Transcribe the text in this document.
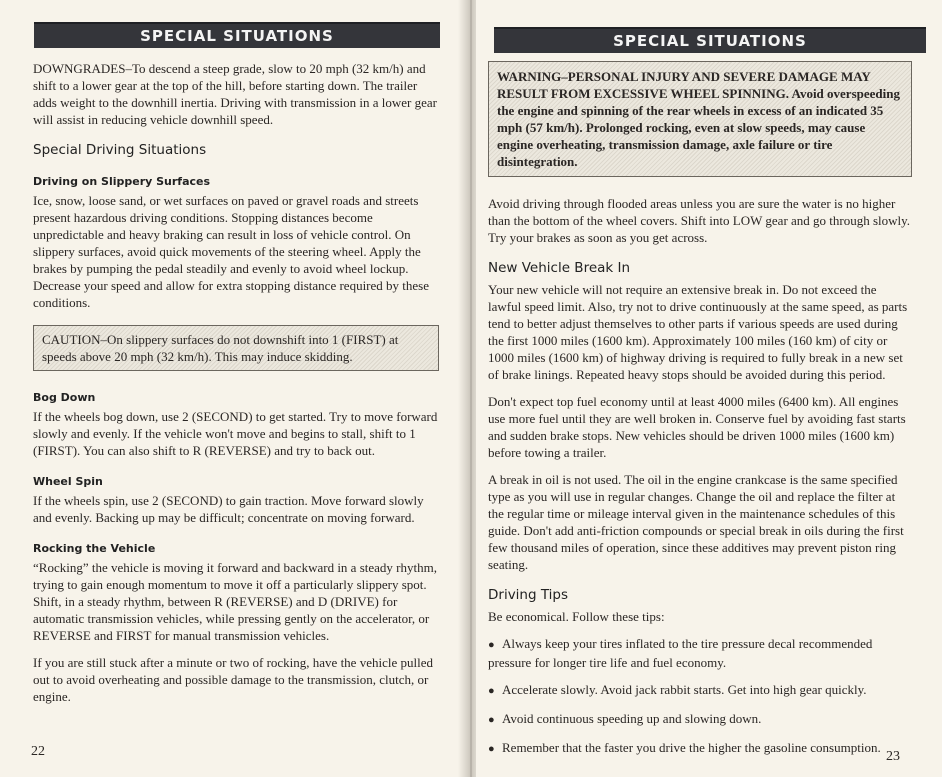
SPECIAL SITUATIONS

DOWNGRADES–To descend a steep grade, slow to 20 mph (32 km/h) and shift to a lower gear at the top of the hill, before starting down. The trailer adds weight to the downhill inertia. Driving with transmission in a lower gear will assist in reducing vehicle downhill speed.

Special Driving Situations
Driving on Slippery Surfaces

Ice, snow, loose sand, or wet surfaces on paved or gravel roads and streets present hazardous driving conditions. Stopping distances become unpredictable and heavy braking can result in loss of vehicle control. On slippery surfaces, avoid quick movements of the steering wheel. Apply the brakes by pumping the pedal steadily and evenly to avoid wheel lockup. Decrease your speed and allow for extra stopping distance required by these conditions.

CAUTION–On slippery surfaces do not downshift into 1 (FIRST) at speeds above 20 mph (32 km/h). This may induce skidding.
Bog Down

If the wheels bog down, use 2 (SECOND) to get started. Try to move forward slowly and evenly. If the vehicle won't move and begins to stall, shift to 1 (FIRST). You can also shift to R (REVERSE) and try to back out.

Wheel Spin

If the wheels spin, use 2 (SECOND) to gain traction. Move forward slowly and evenly. Backing up may be difficult; concentrate on moving forward.

Rocking the Vehicle

“Rocking” the vehicle is moving it forward and backward in a steady rhythm, trying to gain enough momentum to move it off a particularly slippery spot. Shift, in a steady rhythm, between R (REVERSE) and D (DRIVE) for automatic transmission vehicles, while pressing gently on the accelerator, or REVERSE and FIRST for manual transmission vehicles.

If you are still stuck after a minute or two of rocking, have the vehicle pulled out to avoid overheating and possible damage to the transmission, clutch, or engine.

22
SPECIAL SITUATIONS
WARNING–PERSONAL INJURY AND SEVERE DAMAGE MAY RESULT FROM EXCESSIVE WHEEL SPINNING. Avoid overspeeding the engine and spinning of the rear wheels in excess of an indicated 35 mph (57 km/h). Prolonged rocking, even at slow speeds, may cause engine overheating, transmission damage, axle failure or tire disintegration.

Avoid driving through flooded areas unless you are sure the water is no higher than the bottom of the wheel covers. Shift into LOW gear and go through slowly. Try your brakes as soon as you get across.

New Vehicle Break In

Your new vehicle will not require an extensive break in. Do not exceed the lawful speed limit. Also, try not to drive continuously at the same speed, as parts tend to better adjust themselves to other parts if various speeds are used during the first 1000 miles (1600 km). Approximately 100 miles (160 km) of city or 1000 miles (1600 km) of highway driving is required to fully break in a new set of brake linings. Repeated heavy stops should be avoided during this period.

Don't expect top fuel economy until at least 4000 miles (6400 km). All engines use more fuel until they are well broken in. Conserve fuel by avoiding fast starts and sudden brake stops. New vehicles should be driven 1000 miles (1600 km) before towing a trailer.

A break in oil is not used. The oil in the engine crankcase is the same specified type as you will use in regular changes. Change the oil and replace the filter at the regular time or mileage interval given in the maintenance schedules of this guide. Don't add anti-friction compounds or special break in oils during the first few thousand miles of operation, since these additives may prevent piston ring seating.

Driving Tips

Be economical. Follow these tips:

● Always keep your tires inflated to the tire pressure decal recommended pressure for longer tire life and fuel economy.
● Accelerate slowly. Avoid jack rabbit starts. Get into high gear quickly.
● Avoid continuous speeding up and slowing down.
● Remember that the faster you drive the higher the gasoline consumption.
23
